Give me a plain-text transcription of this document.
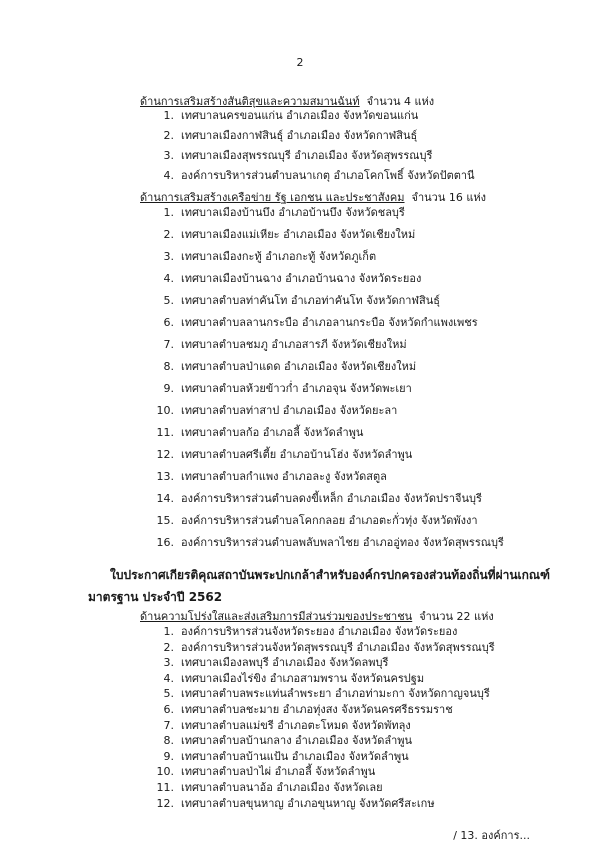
2
ด้านการเสริมสร้างสันติสุขและความสมานฉันท์ จำนวน 4 แห่ง
1. เทศบาลนครขอนแก่น อำเภอเมือง จังหวัดขอนแก่น
2. เทศบาลเมืองกาฬสินธุ์ อำเภอเมือง จังหวัดกาฬสินธุ์
3. เทศบาลเมืองสุพรรณบุรี อำเภอเมือง จังหวัดสุพรรณบุรี
4. องค์การบริหารส่วนตำบลนาเกตุ อำเภอโคกโพธิ์ จังหวัดปัตตานี
ด้านการเสริมสร้างเครือข่าย รัฐ เอกชน และประชาสังคม จำนวน 16 แห่ง
1. เทศบาลเมืองบ้านบึง อำเภอบ้านบึง จังหวัดชลบุรี
2. เทศบาลเมืองแม่เหียะ อำเภอเมือง จังหวัดเชียงใหม่
3. เทศบาลเมืองกะทู้ อำเภอกะทู้ จังหวัดภูเก็ต
4. เทศบาลเมืองบ้านฉาง อำเภอบ้านฉาง จังหวัดระยอง
5. เทศบาลตำบลท่าคันโท อำเภอท่าคันโท จังหวัดกาฬสินธุ์
6. เทศบาลตำบลลานกระบือ อำเภอลานกระบือ จังหวัดกำแพงเพชร
7. เทศบาลตำบลชมภู อำเภอสารภี จังหวัดเชียงใหม่
8. เทศบาลตำบลป่าแดด อำเภอเมือง จังหวัดเชียงใหม่
9. เทศบาลตำบลห้วยข้าวก่ำ อำเภอจุน จังหวัดพะเยา
10. เทศบาลตำบลท่าสาป อำเภอเมือง จังหวัดยะลา
11. เทศบาลตำบลก้อ อำเภอลี้ จังหวัดลำพูน
12. เทศบาลตำบลศรีเตี้ย อำเภอบ้านโฮ่ง จังหวัดลำพูน
13. เทศบาลตำบลกำแพง อำเภอละงู จังหวัดสตูล
14. องค์การบริหารส่วนตำบลดงขี้เหล็ก อำเภอเมือง จังหวัดปราจีนบุรี
15. องค์การบริหารส่วนตำบลโคกกลอย อำเภอตะกั่วทุ่ง จังหวัดพังงา
16. องค์การบริหารส่วนตำบลพลับพลาไชย อำเภออู่ทอง จังหวัดสุพรรณบุรี
ใบประกาศเกียรติคุณสถาบันพระปกเกล้าสำหรับองค์กรปกครองส่วนท้องถิ่นที่ผ่านเกณฑ์
มาตรฐาน ประจำปี 2562
ด้านความโปร่งใสและส่งเสริมการมีส่วนร่วมของประชาชน จำนวน 22 แห่ง
1. องค์การบริหารส่วนจังหวัดระยอง อำเภอเมือง จังหวัดระยอง
2. องค์การบริหารส่วนจังหวัดสุพรรณบุรี อำเภอเมือง จังหวัดสุพรรณบุรี
3. เทศบาลเมืองลพบุรี อำเภอเมือง จังหวัดลพบุรี
4. เทศบาลเมืองไร่ขิง อำเภอสามพราน จังหวัดนครปฐม
5. เทศบาลตำบลพระแท่นลำพระยา อำเภอท่ามะกา จังหวัดกาญจนบุรี
6. เทศบาลตำบลชะมาย อำเภอทุ่งสง จังหวัดนครศรีธรรมราช
7. เทศบาลตำบลแม่ขรี อำเภอตะโหมด จังหวัดพัทลุง
8. เทศบาลตำบลบ้านกลาง อำเภอเมือง จังหวัดลำพูน
9. เทศบาลตำบลบ้านแป้น อำเภอเมือง จังหวัดลำพูน
10. เทศบาลตำบลป่าไผ่ อำเภอลี้ จังหวัดลำพูน
11. เทศบาลตำบลนาอ้อ อำเภอเมือง จังหวัดเลย
12. เทศบาลตำบลขุนหาญ อำเภอขุนหาญ จังหวัดศรีสะเกษ
/ 13. องค์การ...
